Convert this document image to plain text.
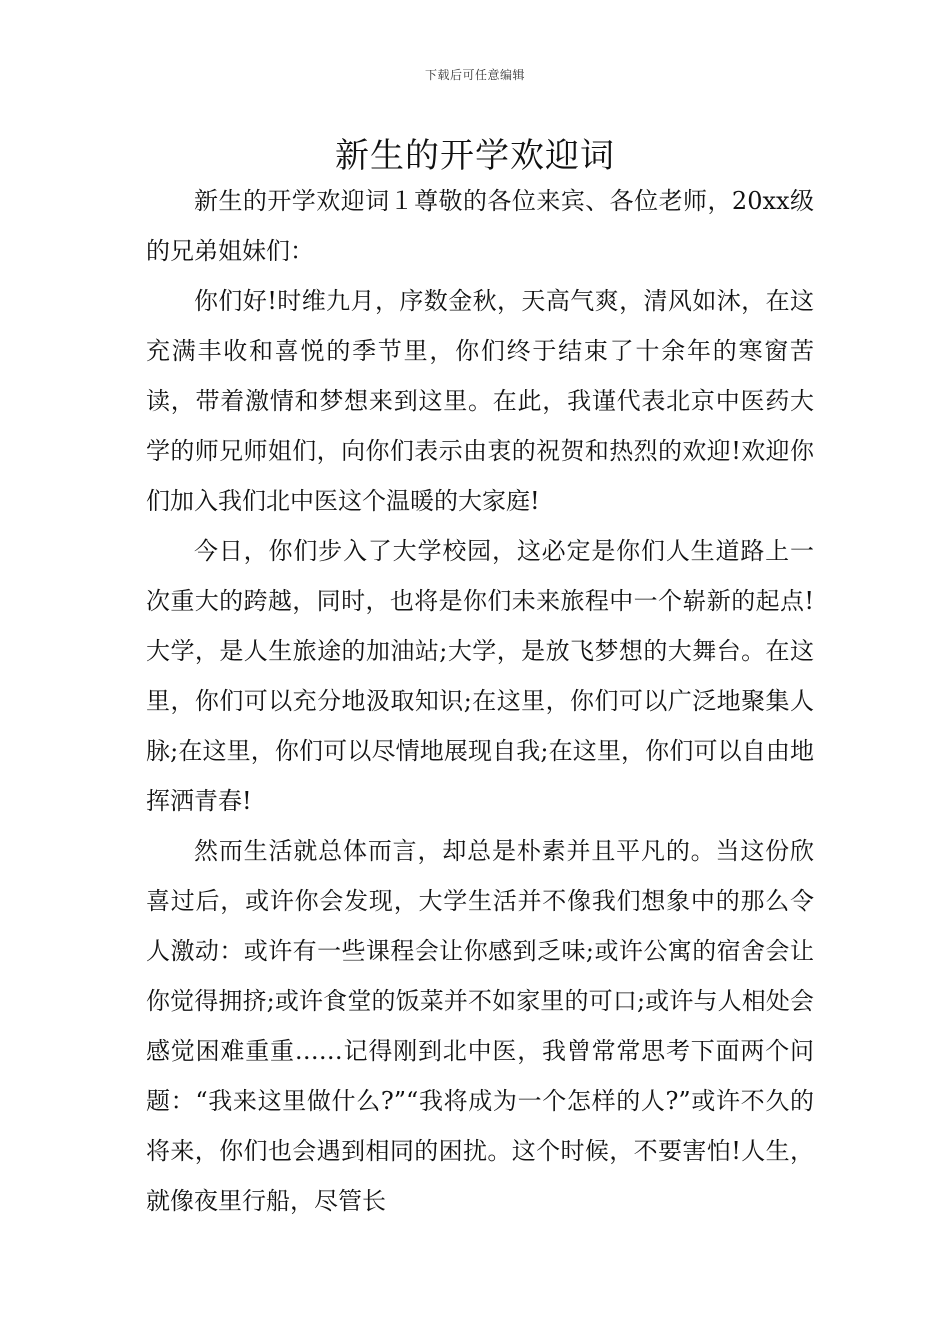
下载后可任意编辑
新生的开学欢迎词

新生的开学欢迎词１尊敬的各位来宾、各位老师，20xx级的兄弟姐妹们：

你们好!时维九月，序数金秋，天高气爽，清风如沐，在这充满丰收和喜悦的季节里，你们终于结束了十余年的寒窗苦读，带着激情和梦想来到这里。在此，我谨代表北京中医药大学的师兄师姐们，向你们表示由衷的祝贺和热烈的欢迎!欢迎你们加入我们北中医这个温暖的大家庭!

今日，你们步入了大学校园，这必定是你们人生道路上一次重大的跨越，同时，也将是你们未来旅程中一个崭新的起点!大学，是人生旅途的加油站;大学，是放飞梦想的大舞台。在这里，你们可以充分地汲取知识;在这里，你们可以广泛地聚集人脉;在这里，你们可以尽情地展现自我;在这里，你们可以自由地挥洒青春!

然而生活就总体而言，却总是朴素并且平凡的。当这份欣喜过后，或许你会发现，大学生活并不像我们想象中的那么令人激动：或许有一些课程会让你感到乏味;或许公寓的宿舍会让你觉得拥挤;或许食堂的饭菜并不如家里的可口;或许与人相处会感觉困难重重……记得刚到北中医，我曾常常思考下面两个问题：“我来这里做什么?”“我将成为一个怎样的人?”或许不久的将来，你们也会遇到相同的困扰。这个时候，不要害怕!人生，就像夜里行船，尽管长
